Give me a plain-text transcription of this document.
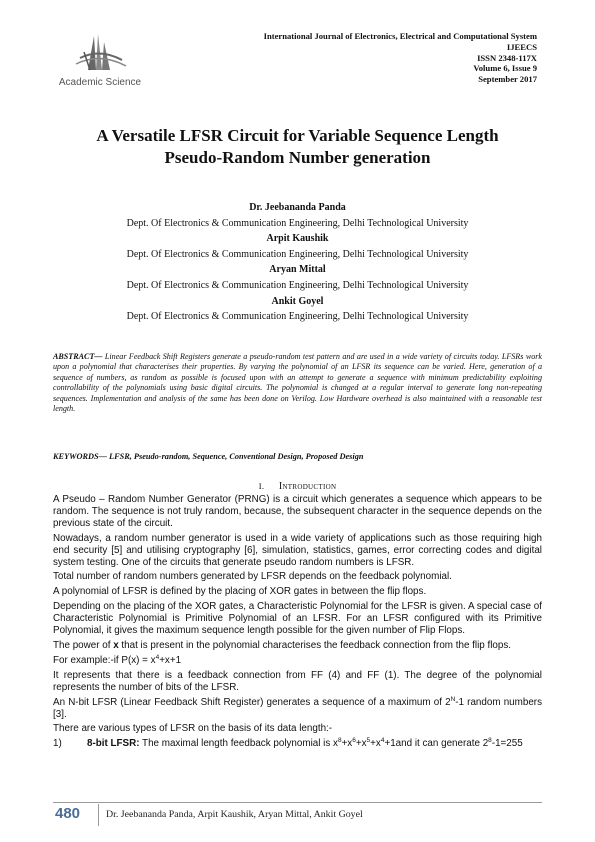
Academic Science
International Journal of Electronics, Electrical and Computational System
IJEECS
ISSN 2348-117X
Volume 6, Issue 9
September 2017
A Versatile LFSR Circuit for Variable Sequence Length
Pseudo-Random Number generation
Dr. Jeebananda Panda
Dept. Of Electronics & Communication Engineering, Delhi Technological University
Arpit Kaushik
Dept. Of Electronics & Communication Engineering, Delhi Technological University
Aryan Mittal
Dept. Of Electronics & Communication Engineering, Delhi Technological University
Ankit Goyel
Dept. Of Electronics & Communication Engineering, Delhi Technological University
ABSTRACT— Linear Feedback Shift Registers generate a pseudo-random test pattern and are used in a wide variety of circuits today. LFSRs work upon a polynomial that characterises their properties. By varying the polynomial of an LFSR its sequence can be varied. Here, generation of a sequence of numbers, as random as possible is focused upon with an attempt to generate a sequence with minimum predictability exploiting controllability of the polynomials using basic digital circuits. The polynomial is changed at a regular interval to generate long non-repeating sequences. Implementation and analysis of the same has been done on Verilog. Low Hardware overhead is also maintained with a reasonable test length.
KEYWORDS— LFSR, Pseudo-random, Sequence, Conventional Design, Proposed Design
I. Introduction

A Pseudo – Random Number Generator (PRNG) is a circuit which generates a sequence which appears to be random. The sequence is not truly random, because, the subsequent character in the sequence depends on the previous state of the circuit.

Nowadays, a random number generator is used in a wide variety of applications such as those requiring high end security [5] and utilising cryptography [6], simulation, statistics, games, error correcting codes and digital system testing. One of the circuits that generate pseudo random numbers is LFSR.

Total number of random numbers generated by LFSR depends on the feedback polynomial.

A polynomial of LFSR is defined by the placing of XOR gates in between the flip flops.

Depending on the placing of the XOR gates, a Characteristic Polynomial for the LFSR is given. A special case of Characteristic Polynomial is Primitive Polynomial of an LFSR. For an LFSR configured with its Primitive Polynomial, it gives the maximum sequence length possible for the given number of Flip Flops.

The power of x that is present in the polynomial characterises the feedback connection from the flip flops.

For example:-if $P(x) = x^4+x+1$

It represents that there is a feedback connection from FF (4) and FF (1). The degree of the polynomial represents the number of bits of the LFSR.

An N-bit LFSR (Linear Feedback Shift Register) generates a sequence of a maximum of $2^N-1$ random numbers [3].

There are various types of LFSR on the basis of its data length:-

1)	8-bit LFSR: The maximal length feedback polynomial is $x^8+x^6+x^5+x^4+1and$ it can generate $2^8-1=255$
480	Dr. Jeebananda Panda, Arpit Kaushik, Aryan Mittal, Ankit Goyel
